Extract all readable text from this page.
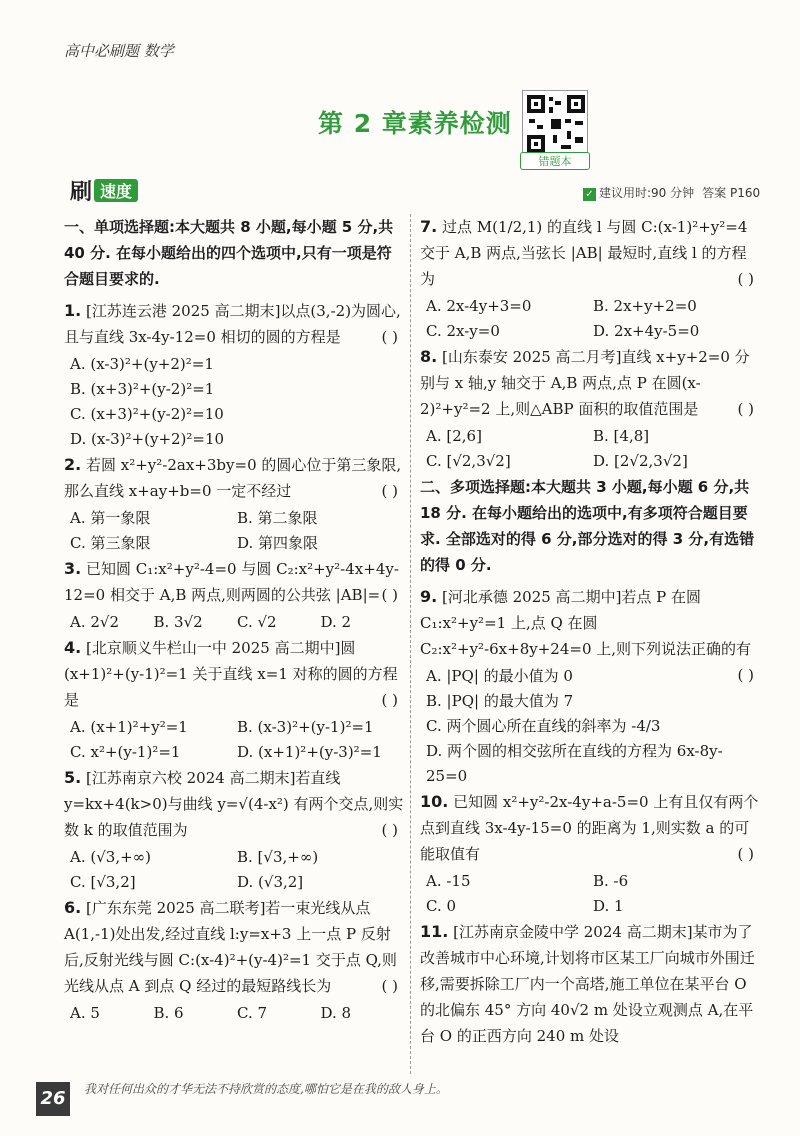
高中必刷题 数学
第 2 章素养检测
错题本
刷 速度	✓ 建议用时:90 分钟 答案 P160
一、单项选择题:本大题共 8 小题,每小题 5 分,共 40 分. 在每小题给出的四个选项中,只有一项是符合题目要求的.
1. [江苏连云港 2025 高二期末]以点(3,-2)为圆心,且与直线 3x-4y-12=0 相切的圆的方程是	( )
A. (x-3)²+(y+2)²=1
B. (x+3)²+(y-2)²=1
C. (x+3)²+(y-2)²=10
D. (x-3)²+(y+2)²=10
2. 若圆 x²+y²-2ax+3by=0 的圆心位于第三象限,那么直线 x+ay+b=0 一定不经过	( )
A. 第一象限	B. 第二象限
C. 第三象限	D. 第四象限
3. 已知圆 C₁:x²+y²-4=0 与圆 C₂:x²+y²-4x+4y-12=0 相交于 A,B 两点,则两圆的公共弦 |AB|= ( )
A. 2√2	B. 3√2	C. √2	D. 2
4. [北京顺义牛栏山一中 2025 高二期中]圆(x+1)²+(y-1)²=1 关于直线 x=1 对称的圆的方程是	( )
A. (x+1)²+y²=1	B. (x-3)²+(y-1)²=1
C. x²+(y-1)²=1	D. (x+1)²+(y-3)²=1
5. [江苏南京六校 2024 高二期末]若直线 y=kx+4(k>0)与曲线 y=√(4-x²) 有两个交点,则实数 k 的取值范围为	( )
A. (√3,+∞)	B. [√3,+∞)
C. [√3,2]	D. (√3,2]
6. [广东东莞 2025 高二联考]若一束光线从点 A(1,-1)处出发,经过直线 l:y=x+3 上一点 P 反射后,反射光线与圆 C:(x-4)²+(y-4)²=1 交于点 Q,则光线从点 A 到点 Q 经过的最短路线长为	( )
A. 5	B. 6	C. 7	D. 8
7. 过点 M(1/2,1) 的直线 l 与圆 C:(x-1)²+y²=4 交于 A,B 两点,当弦长 |AB| 最短时,直线 l 的方程为	( )
A. 2x-4y+3=0	B. 2x+y+2=0
C. 2x-y=0	D. 2x+4y-5=0
8. [山东泰安 2025 高二月考]直线 x+y+2=0 分别与 x 轴,y 轴交于 A,B 两点,点 P 在圆(x-2)²+y²=2 上,则△ABP 面积的取值范围是	( )
A. [2,6]	B. [4,8]
C. [√2,3√2]	D. [2√2,3√2]
二、多项选择题:本大题共 3 小题,每小题 6 分,共 18 分. 在每小题给出的选项中,有多项符合题目要求. 全部选对的得 6 分,部分选对的得 3 分,有选错的得 0 分.
9. [河北承德 2025 高二期中]若点 P 在圆 C₁:x²+y²=1 上,点 Q 在圆 C₂:x²+y²-6x+8y+24=0 上,则下列说法正确的有
( )
A. |PQ| 的最小值为 0
B. |PQ| 的最大值为 7
C. 两个圆心所在直线的斜率为 -4/3
D. 两个圆的相交弦所在直线的方程为 6x-8y-25=0
10. 已知圆 x²+y²-2x-4y+a-5=0 上有且仅有两个点到直线 3x-4y-15=0 的距离为 1,则实数 a 的可能取值有	( )
A. -15	B. -6
C. 0	D. 1
11. [江苏南京金陵中学 2024 高二期末]某市为了改善城市中心环境,计划将市区某工厂向城市外围迁移,需要拆除工厂内一个高塔,施工单位在某平台 O 的北偏东 45° 方向 40√2 m 处设立观测点 A,在平台 O 的正西方向 240 m 处设
26	我对任何出众的才华无法不持欣赏的态度,哪怕它是在我的敌人身上。
